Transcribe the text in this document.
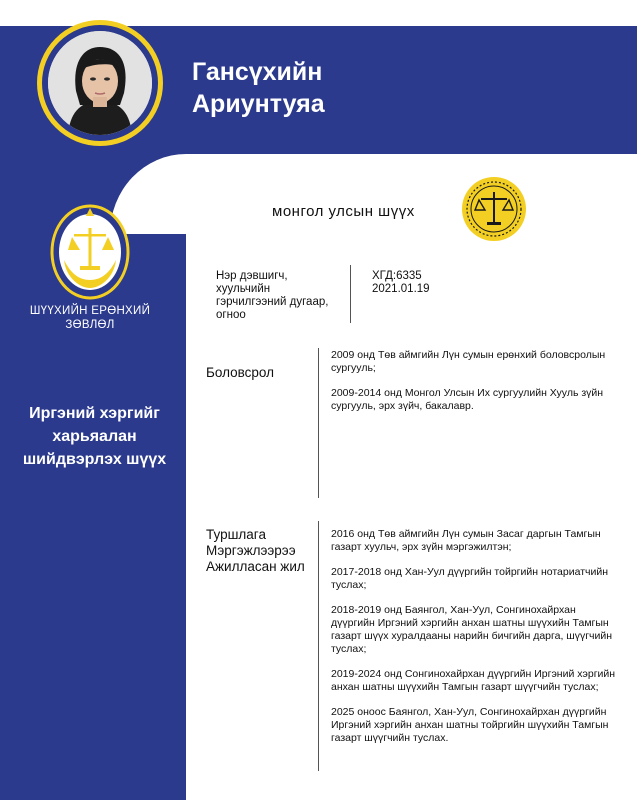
Гансүхийн
Ариунтуяа
ШҮҮХИЙН ЕРӨНХИЙ
ЗӨВЛӨЛ
Иргэний хэргийг
харьяалан
шийдвэрлэх шүүх
монгол улсын шүүх
Нэр дэвшигч,
хуульчийн
гэрчилгээний дугаар,
огноо
ХГД:6335
2021.01.19
Боловсрол

2009 онд Төв аймгийн Лүн сумын ерөнхий боловсролын сургууль;

2009-2014 онд Монгол Улсын Их сургуулийн Хууль зүйн сургууль, эрх зүйч, бакалавр.

Туршлага
Мэргэжлээрээ
Ажилласан жил

2016 онд Төв аймгийн Лүн сумын Засаг даргын Тамгын газарт хуульч, эрх зүйн мэргэжилтэн;

2017-2018 онд Хан-Уул дүүргийн тойргийн нотариатчийн туслах;

2018-2019 онд Баянгол, Хан-Уул, Сонгинохайрхан дүүргийн Иргэний хэргийн анхан шатны шүүхийн Тамгын газарт шүүх хуралдааны нарийн бичгийн дарга, шүүгчийн туслах;

2019-2024 онд Сонгинохайрхан дүүргийн Иргэний хэргийн анхан шатны шүүхийн Тамгын газарт шүүгчийн туслах;

2025 оноос Баянгол, Хан-Уул, Сонгинохайрхан дүүргийн Иргэний хэргийн анхан шатны тойргийн шүүхийн Тамгын газарт шүүгчийн туслах.
